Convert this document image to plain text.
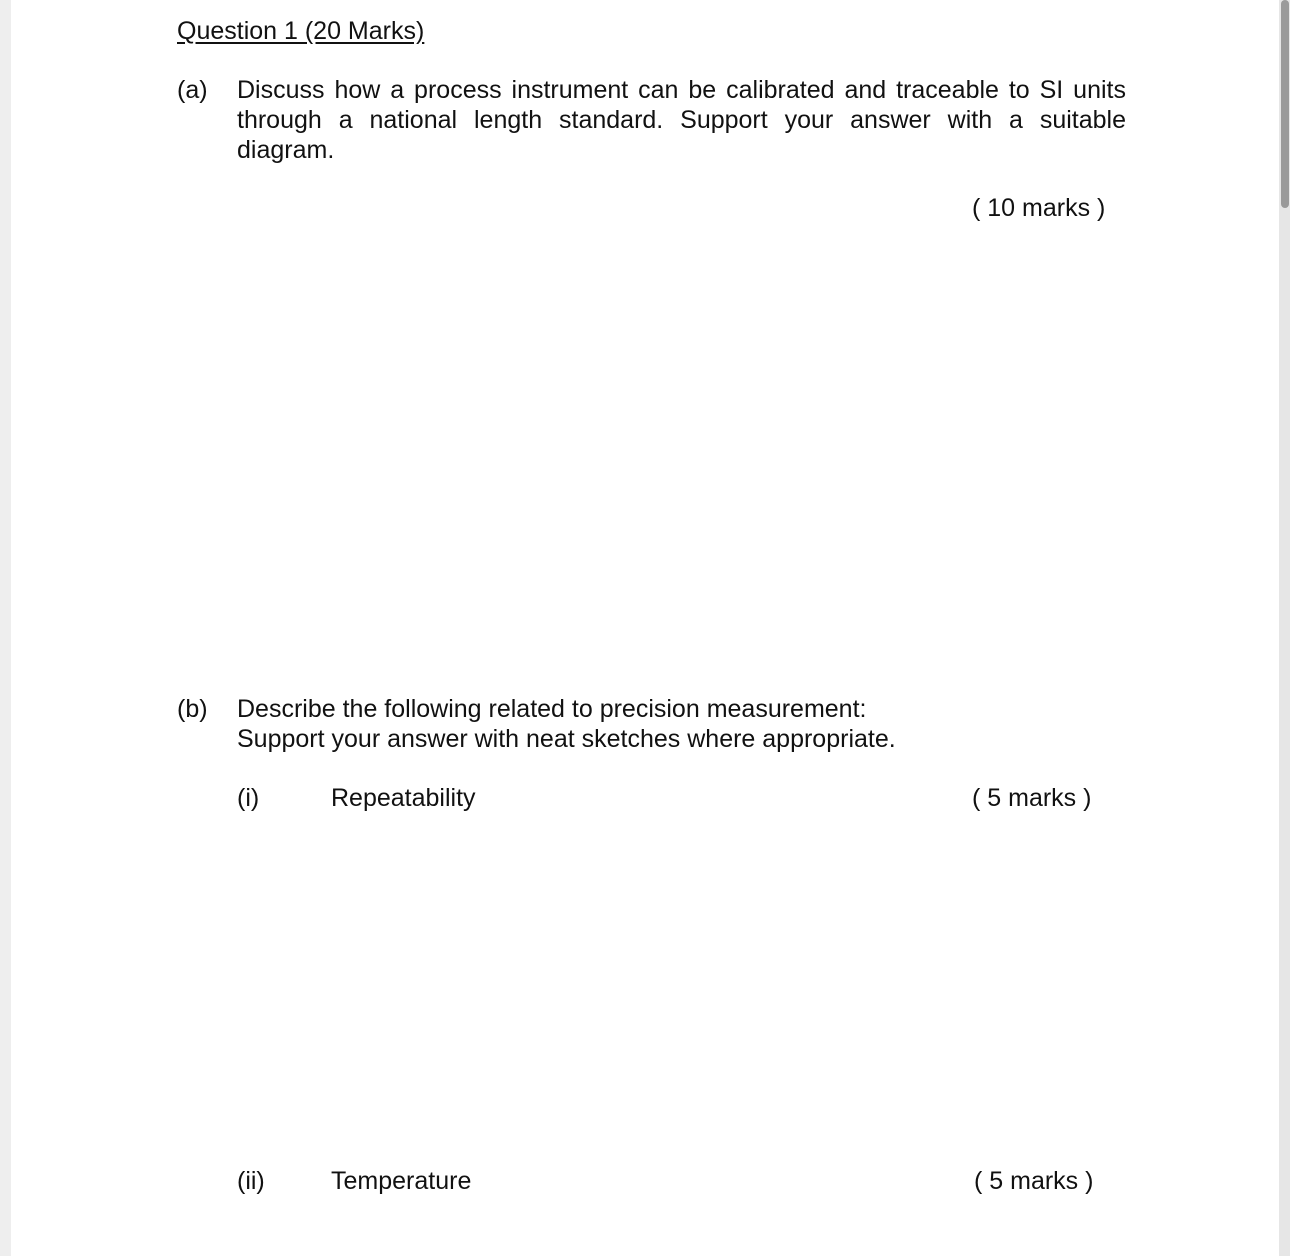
Question 1 (20 Marks)
(a) Discuss how a process instrument can be calibrated and traceable to SI units
through a national length standard. Support your answer with a suitable
diagram.
( 10 marks )
(b) Describe the following related to precision measurement:
Support your answer with neat sketches where appropriate.
(i)	Repeatability	( 5 marks )
(ii)	Temperature	( 5 marks )
